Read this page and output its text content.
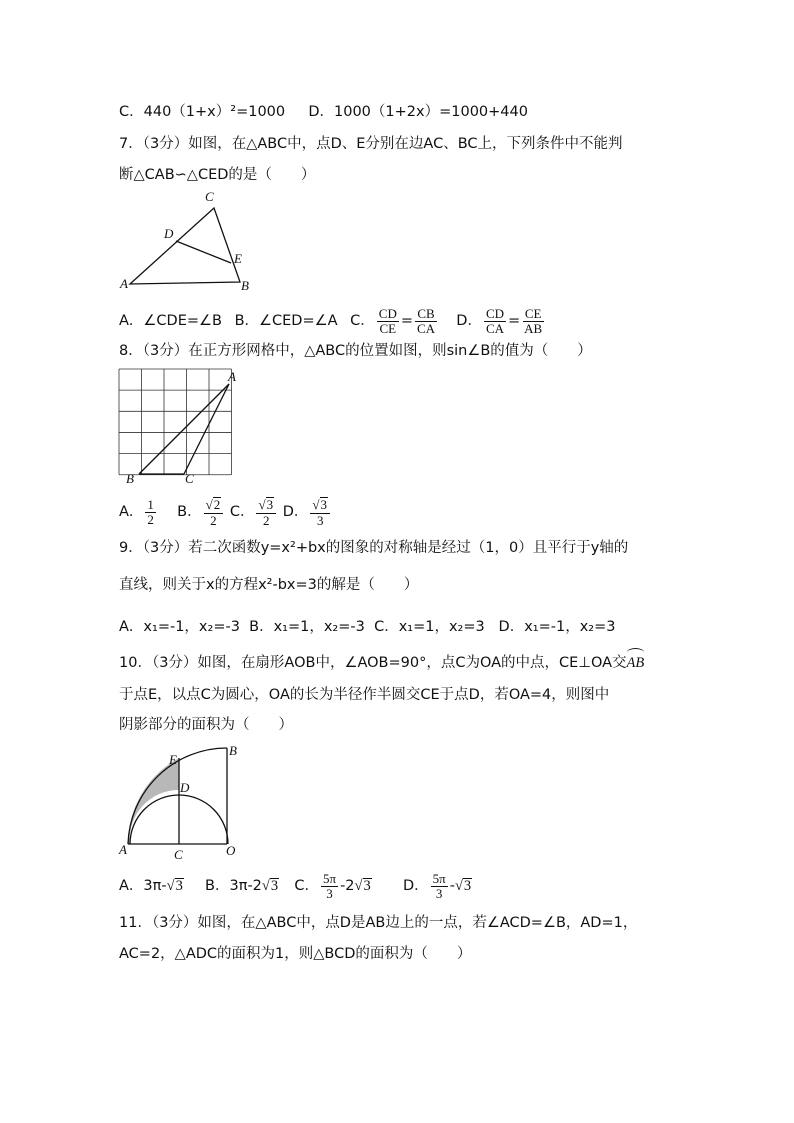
C．440（1+x）²=1000 D．1000（1+2x）=1000+440
7．（3分）如图，在△ABC中，点D、E分别在边AC、BC上，下列条件中不能判
断△CAB∽△CED的是（　　）
C
D
E
A	B
A．∠CDE=∠B B．∠CED=∠A C． $\frac{CD}{CE} = \frac{CB}{CA}$ D． $\frac{CD}{CA} = \frac{CE}{AB}$
8．（3分）在正方形网格中，△ABC的位置如图，则sin∠B的值为（　　）
A
B	C
A． $\frac{1}{2}$ B． $\frac{√ 2}{2}$ C． $\frac{√ 3}{2}$ D． $\frac{√ 3}{3}$
9．（3分）若二次函数y=x²+bx的图象的对称轴是经过（1，0）且平行于y轴的
直线，则关于x的方程x²-bx=3的解是（　　）
A．x₁=-1，x₂=-3  B．x₁=1，x₂=-3  C．x₁=1，x₂=3   D．x₁=-1，x₂=3
10．（3分）如图，在扇形AOB中，∠AOB=90°，点C为OA的中点，CE⊥OA交AB
于点E，以点C为圆心，OA的长为半径作半圆交CE于点D，若OA=4，则图中
阴影部分的面积为（　　）
E
B
D
A	C	O
A．3π- √ 3 B．3π-2 √ 3 C． $\frac{5\pi}{3} -2$ √ 3 D． $\frac{5\pi}{3}$ - √ 3
11．（3分）如图，在△ABC中，点D是AB边上的一点，若∠ACD=∠B，AD=1，
AC=2，△ADC的面积为1，则△BCD的面积为（　　）
